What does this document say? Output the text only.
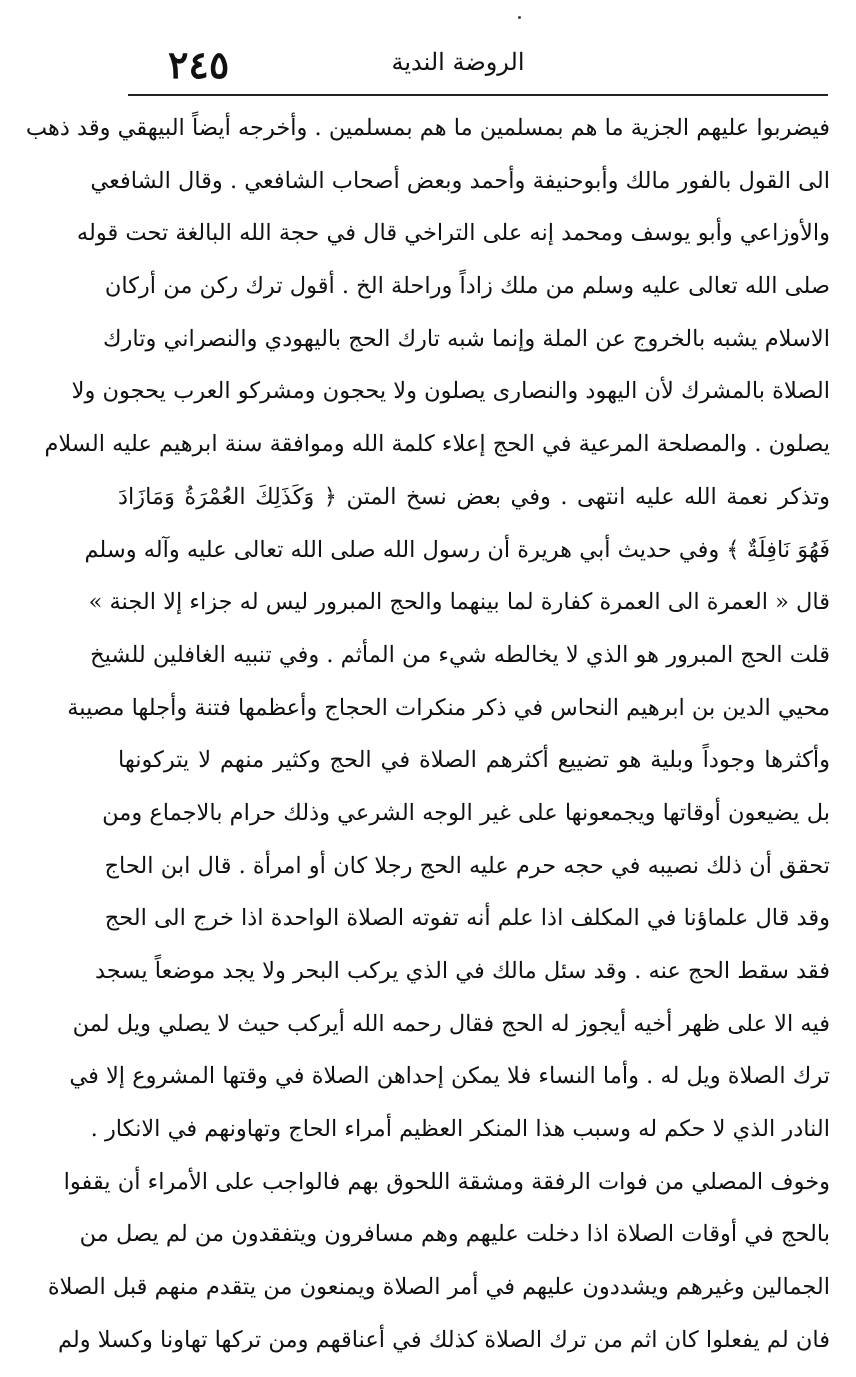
٢٤٥	الروضة الندية
فيضربوا عليهم الجزية ما هم بمسلمين ما هم بمسلمين . وأخرجه أيضاً البيهقي وقد ذهب
الى القول بالفور مالك وأبوحنيفة وأحمد وبعض أصحاب الشافعي . وقال الشافعي
والأوزاعي وأبو يوسف ومحمد إنه على التراخي قال في حجة الله البالغة تحت قوله
صلى الله تعالى عليه وسلم من ملك زاداً وراحلة الخ . أقول ترك ركن من أركان
الاسلام يشبه بالخروج عن الملة وإنما شبه تارك الحج باليهودي والنصراني وتارك
الصلاة بالمشرك لأن اليهود والنصارى يصلون ولا يحجون ومشركو العرب يحجون ولا
يصلون . والمصلحة المرعية في الحج إعلاء كلمة الله وموافقة سنة ابرهيم عليه السلام
وتذكر نعمة الله عليه انتهى . وفي بعض نسخ المتن ﴿ وَكَذَلِكَ العُمْرَةُ وَمَازَادَ
فَهُوَ نَافِلَةٌ ﴾ وفي حديث أبي هريرة أن رسول الله صلى الله تعالى عليه وآله وسلم
قال « العمرة الى العمرة كفارة لما بينهما والحج المبرور ليس له جزاء إلا الجنة »
قلت الحج المبرور هو الذي لا يخالطه شيء من المأثم . وفي تنبيه الغافلين للشيخ
محيي الدين بن ابرهيم النحاس في ذكر منكرات الحجاج وأعظمها فتنة وأجلها مصيبة
وأكثرها وجوداً وبلية هو تضييع أكثرهم الصلاة في الحج وكثير منهم لا يتركونها
بل يضيعون أوقاتها ويجمعونها على غير الوجه الشرعي وذلك حرام بالاجماع ومن
تحقق أن ذلك نصيبه في حجه حرم عليه الحج رجلا كان أو امرأة . قال ابن الحاج
وقد قال علماؤنا في المكلف اذا علم أنه تفوته الصلاة الواحدة اذا خرج الى الحج
فقد سقط الحج عنه . وقد سئل مالك في الذي يركب البحر ولا يجد موضعاً يسجد
فيه الا على ظهر أخيه أيجوز له الحج فقال رحمه الله أيركب حيث لا يصلي ويل لمن
ترك الصلاة ويل له . وأما النساء فلا يمكن إحداهن الصلاة في وقتها المشروع إلا في
النادر الذي لا حكم له وسبب هذا المنكر العظيم أمراء الحاج وتهاونهم في الانكار .
وخوف المصلي من فوات الرفقة ومشقة اللحوق بهم فالواجب على الأمراء أن يقفوا
بالحج في أوقات الصلاة اذا دخلت عليهم وهم مسافرون ويتفقدون من لم يصل من
الجمالين وغيرهم ويشددون عليهم في أمر الصلاة ويمنعون من يتقدم منهم قبل الصلاة
فان لم يفعلوا كان اثم من ترك الصلاة كذلك في أعناقهم ومن تركها تهاونا وكسلا ولم
